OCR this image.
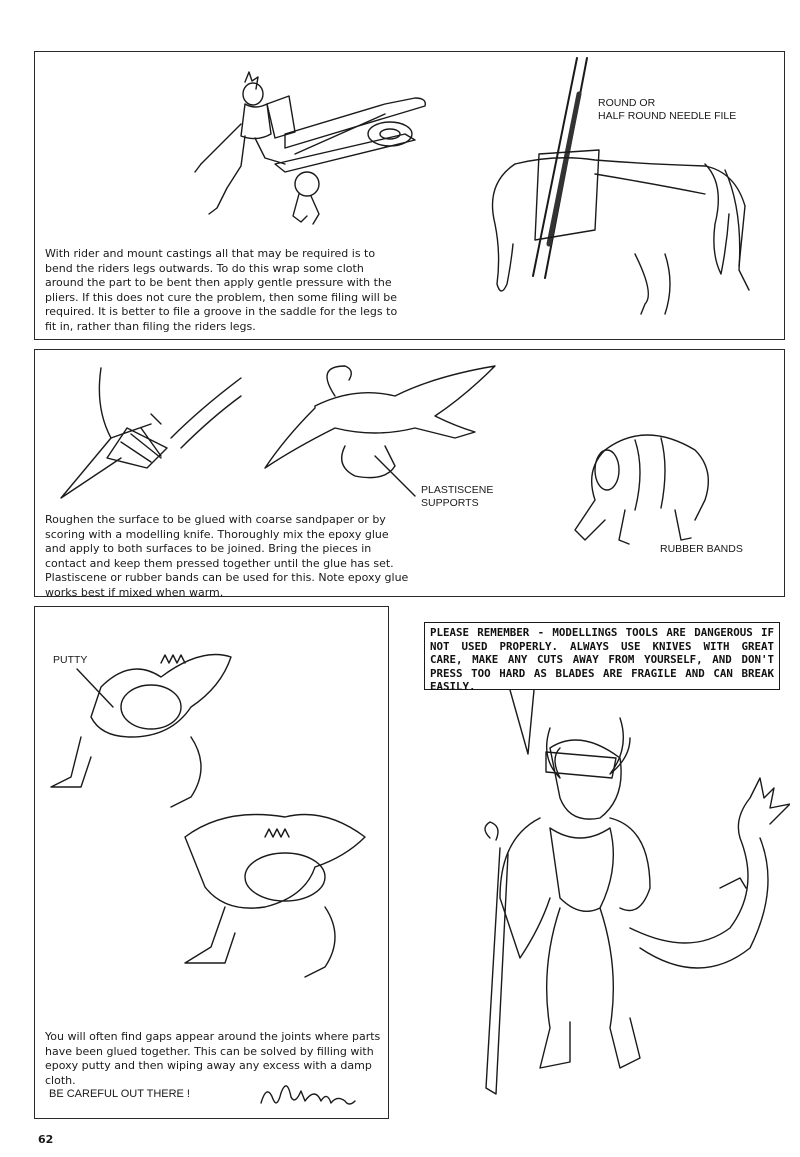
ROUND OR
HALF ROUND NEEDLE FILE
With rider and mount castings all that may be required is to bend the riders legs outwards. To do this wrap some cloth around the part to be bent then apply gentle pressure with the pliers. If this does not cure the problem, then some filing will be required. It is better to file a groove in the saddle for the legs to fit in, rather than filing the riders legs.
PLASTISCENE
SUPPORTS
RUBBER BANDS
Roughen the surface to be glued with coarse sandpaper or by scoring with a modelling knife. Thoroughly mix the epoxy glue and apply to both surfaces to be joined. Bring the pieces in contact and keep them pressed together until the glue has set. Plastiscene or rubber bands can be used for this. Note epoxy glue works best if mixed when warm.
PUTTY
You will often find gaps appear around the joints where parts have been glued together. This can be solved by filling with epoxy putty and then wiping away any excess with a damp cloth.
BE CAREFUL OUT THERE !
PLEASE REMEMBER - MODELLINGS TOOLS ARE DANGEROUS IF NOT USED PROPERLY. ALWAYS USE KNIVES WITH GREAT CARE, MAKE ANY CUTS AWAY FROM YOURSELF, AND DON'T PRESS TOO HARD AS BLADES ARE FRAGILE AND CAN BREAK EASILY.
62
